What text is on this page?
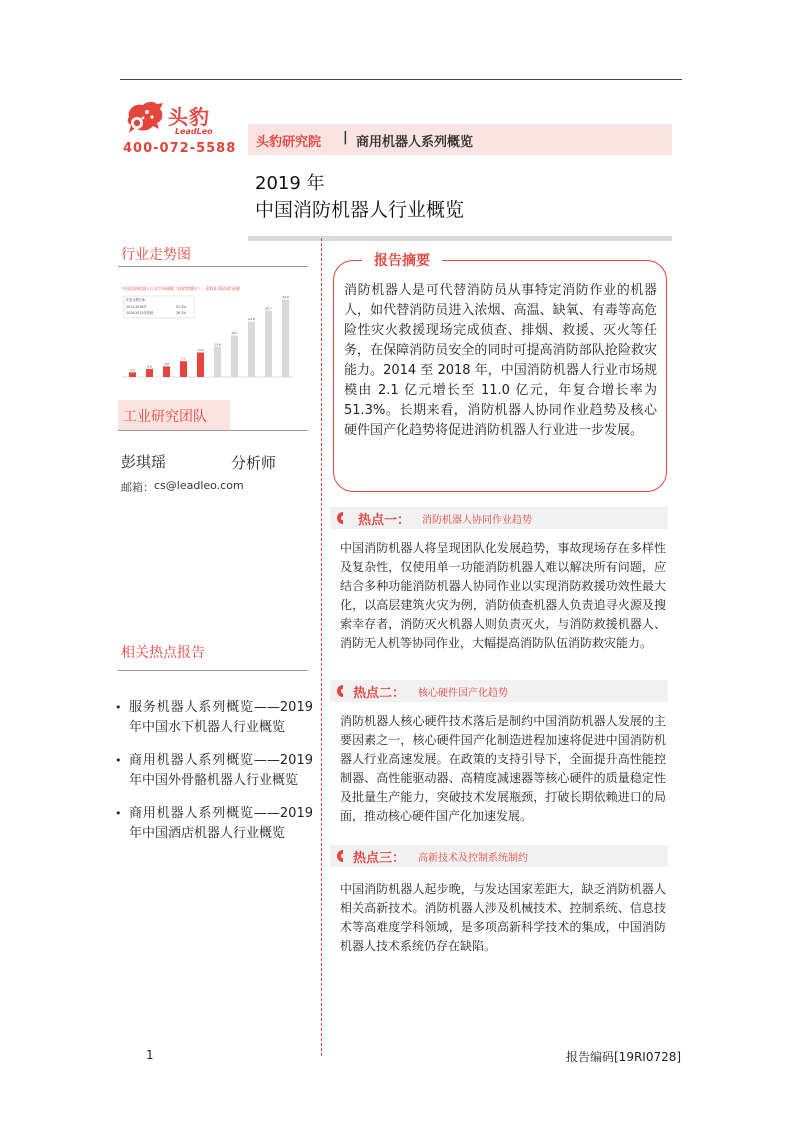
头豹
LeadLeo
400-072-5588 头豹研究院 | 商用机器人系列概览
2019 年
中国消防机器人行业概览
行业走势图
中国消防机器人行业市场规模（按销售额计），2014-2023年预测
年复合增长率：
2014-2018年	51.3%
2018-2023年预测	26.1%
2.1
3.6
4.8
7.1
11.0
13.6
18.7
24.9
29.7
34.9
工业研究团队
彭琪瑶	分析师
邮箱： cs@leadleo.com
相关热点报告
• 服务机器人系列概览——2019 年中国水下机器人行业概览
• 商用机器人系列概览——2019 年中国外骨骼机器人行业概览
• 商用机器人系列概览——2019 年中国酒店机器人行业概览
报告摘要
消防机器人是可代替消防员从事特定消防作业的机器人，如代替消防员进入浓烟、高温、缺氧、有毒等高危险性灾火救援现场完成侦查、排烟、救援、灭火等任务，在保障消防员安全的同时可提高消防部队抢险救灾能力。2014 至 2018 年，中国消防机器人行业市场规模由 2.1 亿元增长至 11.0 亿元，年复合增长率为 51.3%。长期来看，消防机器人协同作业趋势及核心硬件国产化趋势将促进消防机器人行业进一步发展。
热点一： 消防机器人协同作业趋势
中国消防机器人将呈现团队化发展趋势，事故现场存在多样性及复杂性，仅使用单一功能消防机器人难以解决所有问题，应结合多种功能消防机器人协同作业以实现消防救援功效性最大化，以高层建筑火灾为例，消防侦查机器人负责追寻火源及搜索幸存者，消防灭火机器人则负责灭火，与消防救援机器人、消防无人机等协同作业，大幅提高消防队伍消防救灾能力。
热点二： 核心硬件国产化趋势
消防机器人核心硬件技术落后是制约中国消防机器人发展的主要因素之一，核心硬件国产化制造进程加速将促进中国消防机器人行业高速发展。在政策的支持引导下，全面提升高性能控制器、高性能驱动器、高精度减速器等核心硬件的质量稳定性及批量生产能力，突破技术发展瓶颈，打破长期依赖进口的局面，推动核心硬件国产化加速发展。
热点三： 高新技术及控制系统制约
中国消防机器人起步晚，与发达国家差距大，缺乏消防机器人相关高新技术。消防机器人涉及机械技术、控制系统、信息技术等高难度学科领域，是多项高新科学技术的集成，中国消防机器人技术系统仍存在缺陷。
1	报告编码[19RI0728]
